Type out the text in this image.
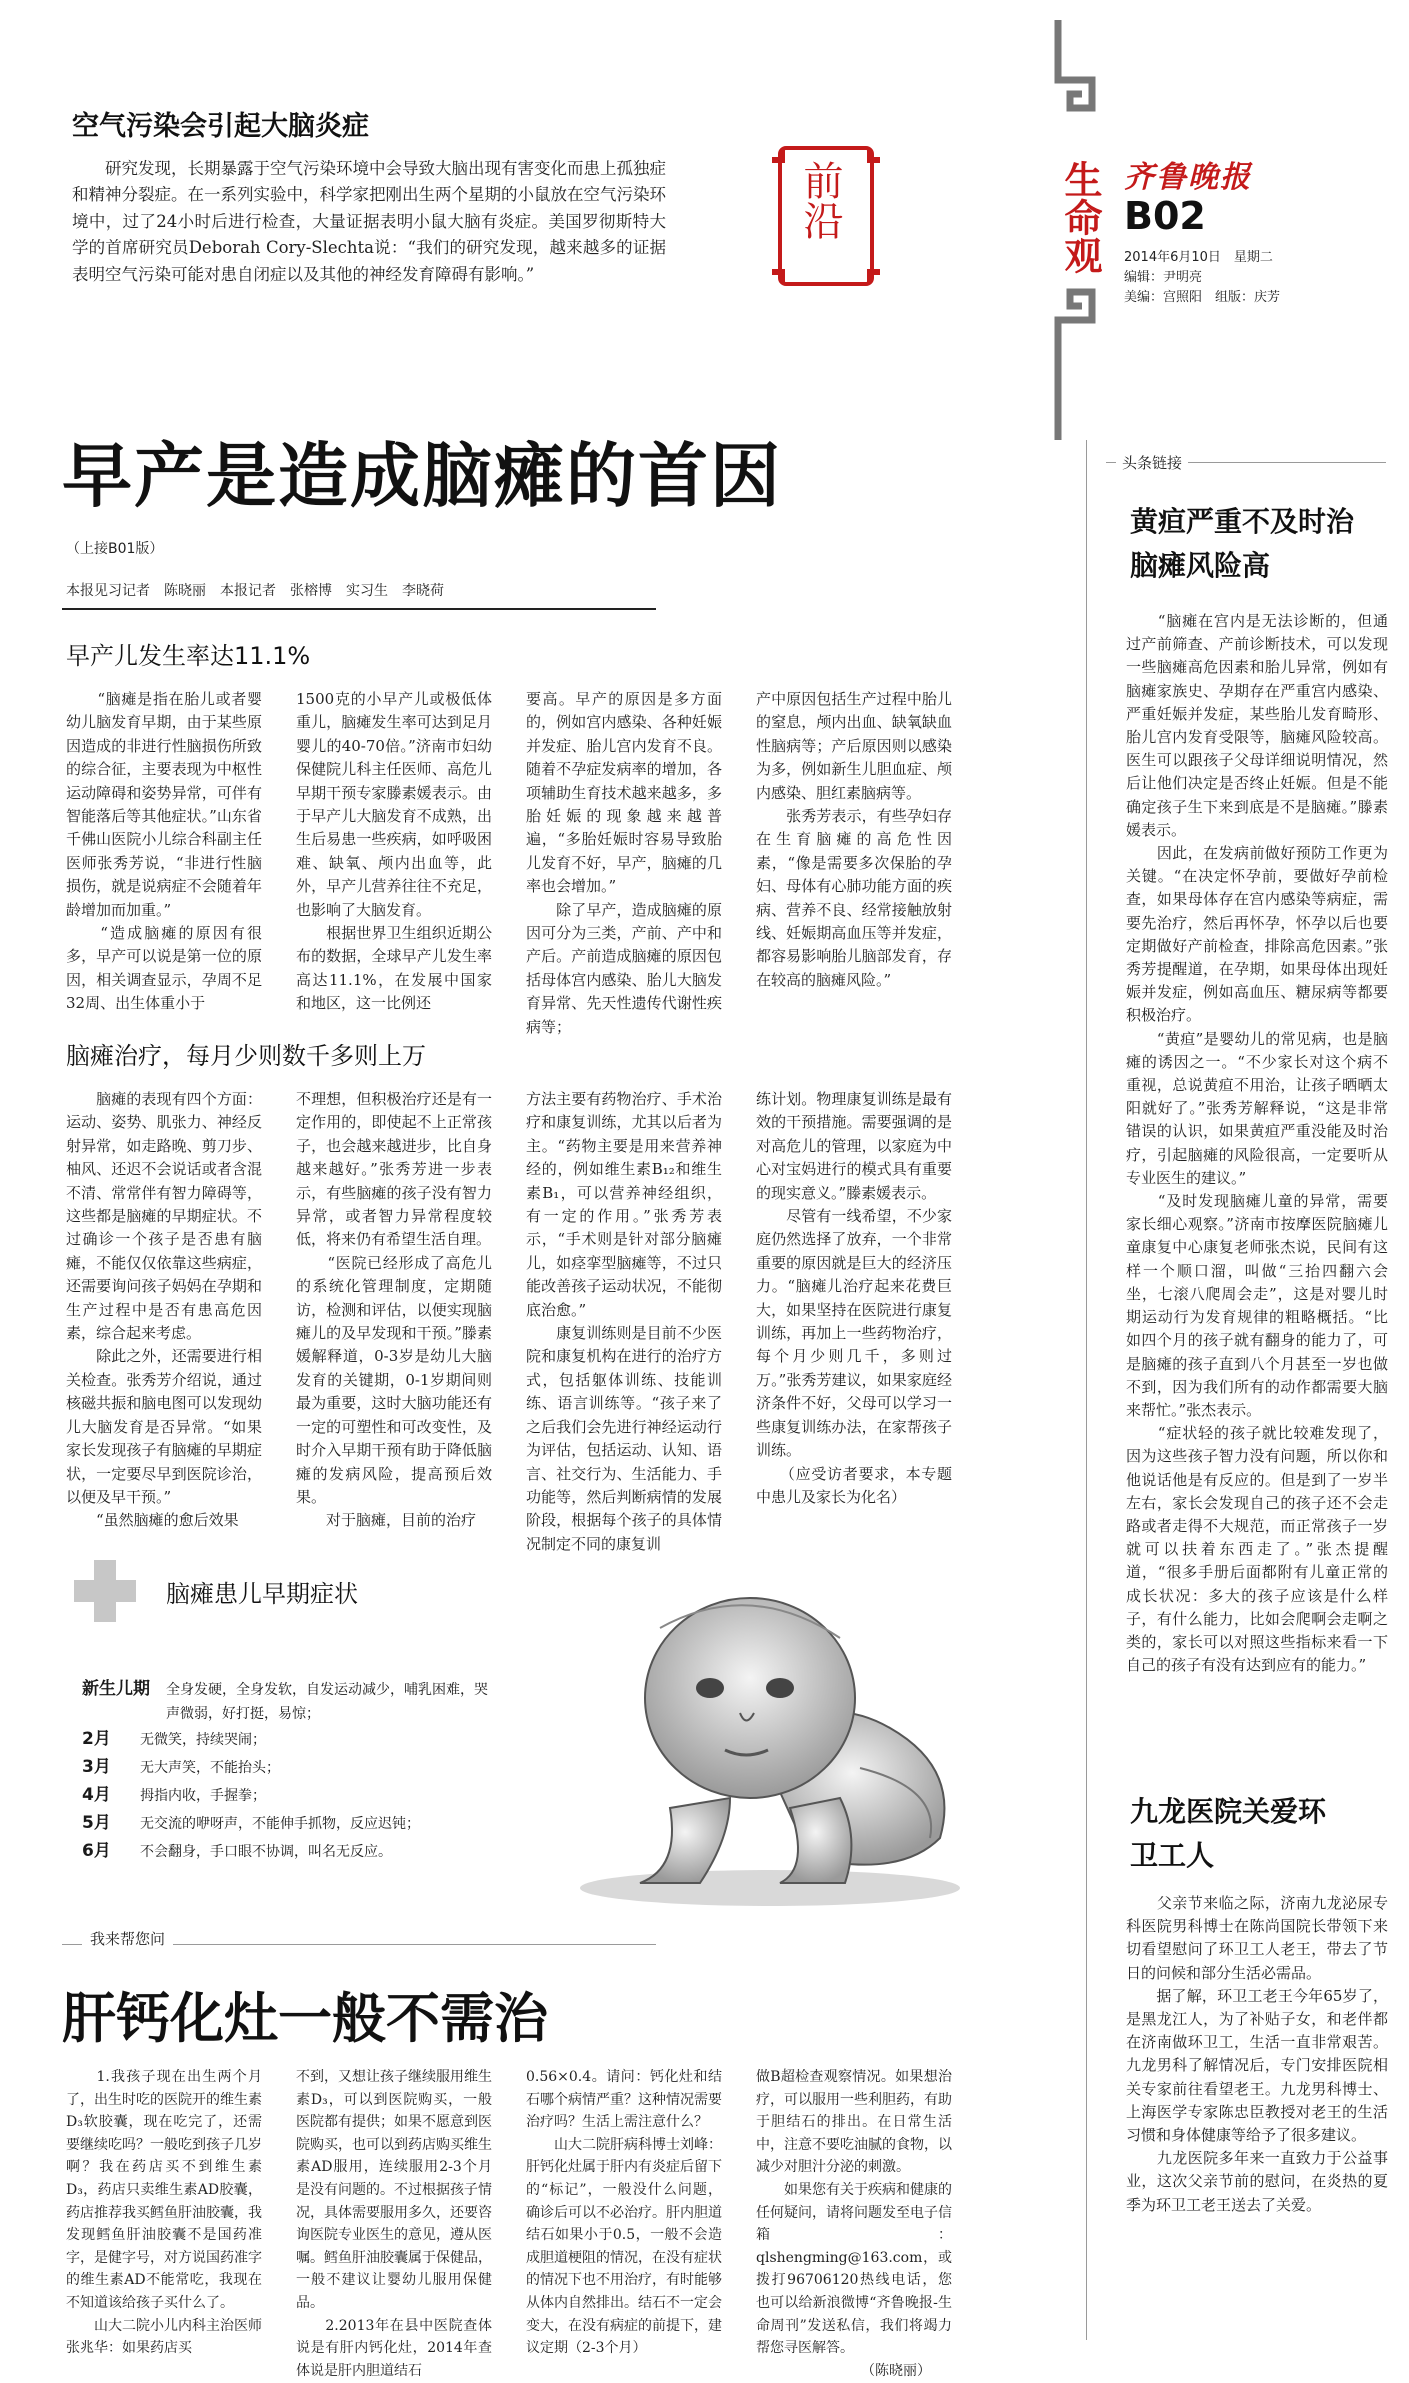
空气污染会引起大脑炎症
　　研究发现，长期暴露于空气污染环境中会导致大脑出现有害变化而患上孤独症和精神分裂症。在一系列实验中，科学家把刚出生两个星期的小鼠放在空气污染环境中，过了24小时后进行检查，大量证据表明小鼠大脑有炎症。美国罗彻斯特大学的首席研究员Deborah Cory-Slechta说：“我们的研究发现，越来越多的证据表明空气污染可能对患自闭症以及其他的神经发育障碍有影响。”
前沿	生命观 齐鲁晚报
B02
2014年6月10日　星期二
编辑：尹明亮
美编：宫照阳　组版：庆芳
早产是造成脑瘫的首因
（上接B01版）
本报见习记者　陈晓丽　本报记者　张榕博　实习生　李晓荷
早产儿发生率达11.1%
　　“脑瘫是指在胎儿或者婴幼儿脑发育早期，由于某些原因造成的非进行性脑损伤所致的综合征，主要表现为中枢性运动障碍和姿势异常，可伴有智能落后等其他症状。”山东省千佛山医院小儿综合科副主任医师张秀芳说，“非进行性脑损伤，就是说病症不会随着年龄增加而加重。”
　　“造成脑瘫的原因有很多，早产可以说是第一位的原因，相关调查显示，孕周不足32周、出生体重小于
1500克的小早产儿或极低体重儿，脑瘫发生率可达到足月婴儿的40-70倍。”济南市妇幼保健院儿科主任医师、高危儿早期干预专家滕素媛表示。由于早产儿大脑发育不成熟，出生后易患一些疾病，如呼吸困难、缺氧、颅内出血等，此外，早产儿营养往往不充足，也影响了大脑发育。
　　根据世界卫生组织近期公布的数据，全球早产儿发生率高达11.1%，在发展中国家和地区，这一比例还
要高。早产的原因是多方面的，例如宫内感染、各种妊娠并发症、胎儿宫内发育不良。随着不孕症发病率的增加，各项辅助生育技术越来越多，多胎妊娠的现象越来越普遍，“多胎妊娠时容易导致胎儿发育不好，早产，脑瘫的几率也会增加。”
　　除了早产，造成脑瘫的原因可分为三类，产前、产中和产后。产前造成脑瘫的原因包括母体宫内感染、胎儿大脑发育异常、先天性遗传代谢性疾病等；
产中原因包括生产过程中胎儿的窒息，颅内出血、缺氧缺血性脑病等；产后原因则以感染为多，例如新生儿胆血症、颅内感染、胆红素脑病等。
　　张秀芳表示，有些孕妇存在生育脑瘫的高危性因素，“像是需要多次保胎的孕妇、母体有心肺功能方面的疾病、营养不良、经常接触放射线、妊娠期高血压等并发症，都容易影响胎儿脑部发育，存在较高的脑瘫风险。”
脑瘫治疗，每月少则数千多则上万
　　脑瘫的表现有四个方面：运动、姿势、肌张力、神经反射异常，如走路晚、剪刀步、柚风、还迟不会说话或者含混不清、常常伴有智力障碍等，这些都是脑瘫的早期症状。不过确诊一个孩子是否患有脑瘫，不能仅仅依靠这些病症，还需要询问孩子妈妈在孕期和生产过程中是否有患高危因素，综合起来考虑。
　　除此之外，还需要进行相关检查。张秀芳介绍说，通过核磁共振和脑电图可以发现幼儿大脑发育是否异常。“如果家长发现孩子有脑瘫的早期症状，一定要尽早到医院诊治，以便及早干预。”
　　“虽然脑瘫的愈后效果
不理想，但积极治疗还是有一定作用的，即使起不上正常孩子，也会越来越进步，比自身越来越好。”张秀芳进一步表示，有些脑瘫的孩子没有智力异常，或者智力异常程度较低，将来仍有希望生活自理。
　　“医院已经形成了高危儿的系统化管理制度，定期随访，检测和评估，以便实现脑瘫儿的及早发现和干预。”滕素媛解释道，0-3岁是幼儿大脑发育的关键期，0-1岁期间则最为重要，这时大脑功能还有一定的可塑性和可改变性，及时介入早期干预有助于降低脑瘫的发病风险，提高预后效果。
　　对于脑瘫，目前的治疗
方法主要有药物治疗、手术治疗和康复训练，尤其以后者为主。“药物主要是用来营养神经的，例如维生素B₁₂和维生素B₁，可以营养神经组织，有一定的作用。”张秀芳表示，“手术则是针对部分脑瘫儿，如痉挛型脑瘫等，不过只能改善孩子运动状况，不能彻底治愈。”
　　康复训练则是目前不少医院和康复机构在进行的治疗方式，包括躯体训练、技能训练、语言训练等。“孩子来了之后我们会先进行神经运动行为评估，包括运动、认知、语言、社交行为、生活能力、手功能等，然后判断病情的发展阶段，根据每个孩子的具体情况制定不同的康复训
练计划。物理康复训练是最有效的干预措施。需要强调的是对高危儿的管理，以家庭为中心对宝妈进行的模式具有重要的现实意义。”滕素媛表示。
　　尽管有一线希望，不少家庭仍然选择了放弃，一个非常重要的原因就是巨大的经济压力。“脑瘫儿治疗起来花费巨大，如果坚持在医院进行康复训练，再加上一些药物治疗，每个月少则几千，多则过万。”张秀芳建议，如果家庭经济条件不好，父母可以学习一些康复训练办法，在家帮孩子训练。
　　（应受访者要求，本专题中患儿及家长为化名）
脑瘫患儿早期症状
新生儿期	全身发硬，全身发软，自发运动减少，哺乳困难，哭声微弱，好打挺，易惊；
2月	无微笑，持续哭闹；
3月	无大声笑，不能抬头；
4月	拇指内收，手握拳；
5月	无交流的咿呀声，不能伸手抓物，反应迟钝；
6月	不会翻身，手口眼不协调，叫名无反应。
我来帮您问
肝钙化灶一般不需治
　　1.我孩子现在出生两个月了，出生时吃的医院开的维生素D₃软胶囊，现在吃完了，还需要继续吃吗？一般吃到孩子几岁啊？我在药店买不到维生素D₃，药店只卖维生素AD胶囊，药店推荐我买鳕鱼肝油胶囊，我发现鳕鱼肝油胶囊不是国药准字，是健字号，对方说国药准字的维生素AD不能常吃，我现在不知道该给孩子买什么了。
　　山大二院小儿内科主治医师张兆华：如果药店买
不到，又想让孩子继续服用维生素D₃，可以到医院购买，一般医院都有提供；如果不愿意到医院购买，也可以到药店购买维生素AD服用，连续服用2-3个月是没有问题的。不过根据孩子情况，具体需要服用多久，还要咨询医院专业医生的意见，遵从医嘱。鳕鱼肝油胶囊属于保健品，一般不建议让婴幼儿服用保健品。
　　2.2013年在县中医院查体说是有肝内钙化灶，2014年查体说是肝内胆道结石
0.56×0.4。请问：钙化灶和结石哪个病情严重？这种情况需要治疗吗？生活上需注意什么？
　　山大二院肝病科博士刘峰：肝钙化灶属于肝内有炎症后留下的“标记”，一般没什么问题，确诊后可以不必治疗。肝内胆道结石如果小于0.5，一般不会造成胆道梗阻的情况，在没有症状的情况下也不用治疗，有时能够从体内自然排出。结石不一定会变大，在没有病症的前提下，建议定期（2-3个月）
做B超检查观察情况。如果想治疗，可以服用一些利胆药，有助于胆结石的排出。在日常生活中，注意不要吃油腻的食物，以减少对胆汁分泌的刺激。
　　如果您有关于疾病和健康的任何疑问，请将问题发至电子信箱：qlshengming@163.com，或拨打96706120热线电话，您也可以给新浪微博“齐鲁晚报-生命周刊”发送私信，我们将竭力帮您寻医解答。
　　　　　　　　（陈晓丽）
头条链接
黄疸严重不及时治脑瘫风险高
　　“脑瘫在宫内是无法诊断的，但通过产前筛查、产前诊断技术，可以发现一些脑瘫高危因素和胎儿异常，例如有脑瘫家族史、孕期存在严重宫内感染、严重妊娠并发症，某些胎儿发育畸形、胎儿宫内发育受限等，脑瘫风险较高。医生可以跟孩子父母详细说明情况，然后让他们决定是否终止妊娠。但是不能确定孩子生下来到底是不是脑瘫。”滕素媛表示。
　　因此，在发病前做好预防工作更为关键。“在决定怀孕前，要做好孕前检查，如果母体存在宫内感染等病症，需要先治疗，然后再怀孕，怀孕以后也要定期做好产前检查，排除高危因素。”张秀芳提醒道，在孕期，如果母体出现妊娠并发症，例如高血压、糖尿病等都要积极治疗。
　　“黄疸”是婴幼儿的常见病，也是脑瘫的诱因之一。“不少家长对这个病不重视，总说黄疸不用治，让孩子晒晒太阳就好了。”张秀芳解释说，“这是非常错误的认识，如果黄疸严重没能及时治疗，引起脑瘫的风险很高，一定要听从专业医生的建议。”
　　“及时发现脑瘫儿童的异常，需要家长细心观察。”济南市按摩医院脑瘫儿童康复中心康复老师张杰说，民间有这样一个顺口溜，叫做“三抬四翻六会坐，七滚八爬周会走”，这是对婴儿时期运动行为发育规律的粗略概括。“比如四个月的孩子就有翻身的能力了，可是脑瘫的孩子直到八个月甚至一岁也做不到，因为我们所有的动作都需要大脑来帮忙。”张杰表示。
　　“症状轻的孩子就比较难发现了，因为这些孩子智力没有问题，所以你和他说话他是有反应的。但是到了一岁半左右，家长会发现自己的孩子还不会走路或者走得不大规范，而正常孩子一岁就可以扶着东西走了。”张杰提醒道，“很多手册后面都附有儿童正常的成长状况：多大的孩子应该是什么样子，有什么能力，比如会爬啊会走啊之类的，家长可以对照这些指标来看一下自己的孩子有没有达到应有的能力。”
九龙医院关爱环卫工人
　　父亲节来临之际，济南九龙泌尿专科医院男科博士在陈尚国院长带领下来切看望慰问了环卫工人老王，带去了节日的问候和部分生活必需品。
　　据了解，环卫工老王今年65岁了，是黑龙江人，为了补贴子女，和老伴都在济南做环卫工，生活一直非常艰苦。九龙男科了解情况后，专门安排医院相关专家前往看望老王。九龙男科博士、上海医学专家陈忠臣教授对老王的生活习惯和身体健康等给予了很多建议。
　　九龙医院多年来一直致力于公益事业，这次父亲节前的慰问，在炎热的夏季为环卫工老王送去了关爱。
